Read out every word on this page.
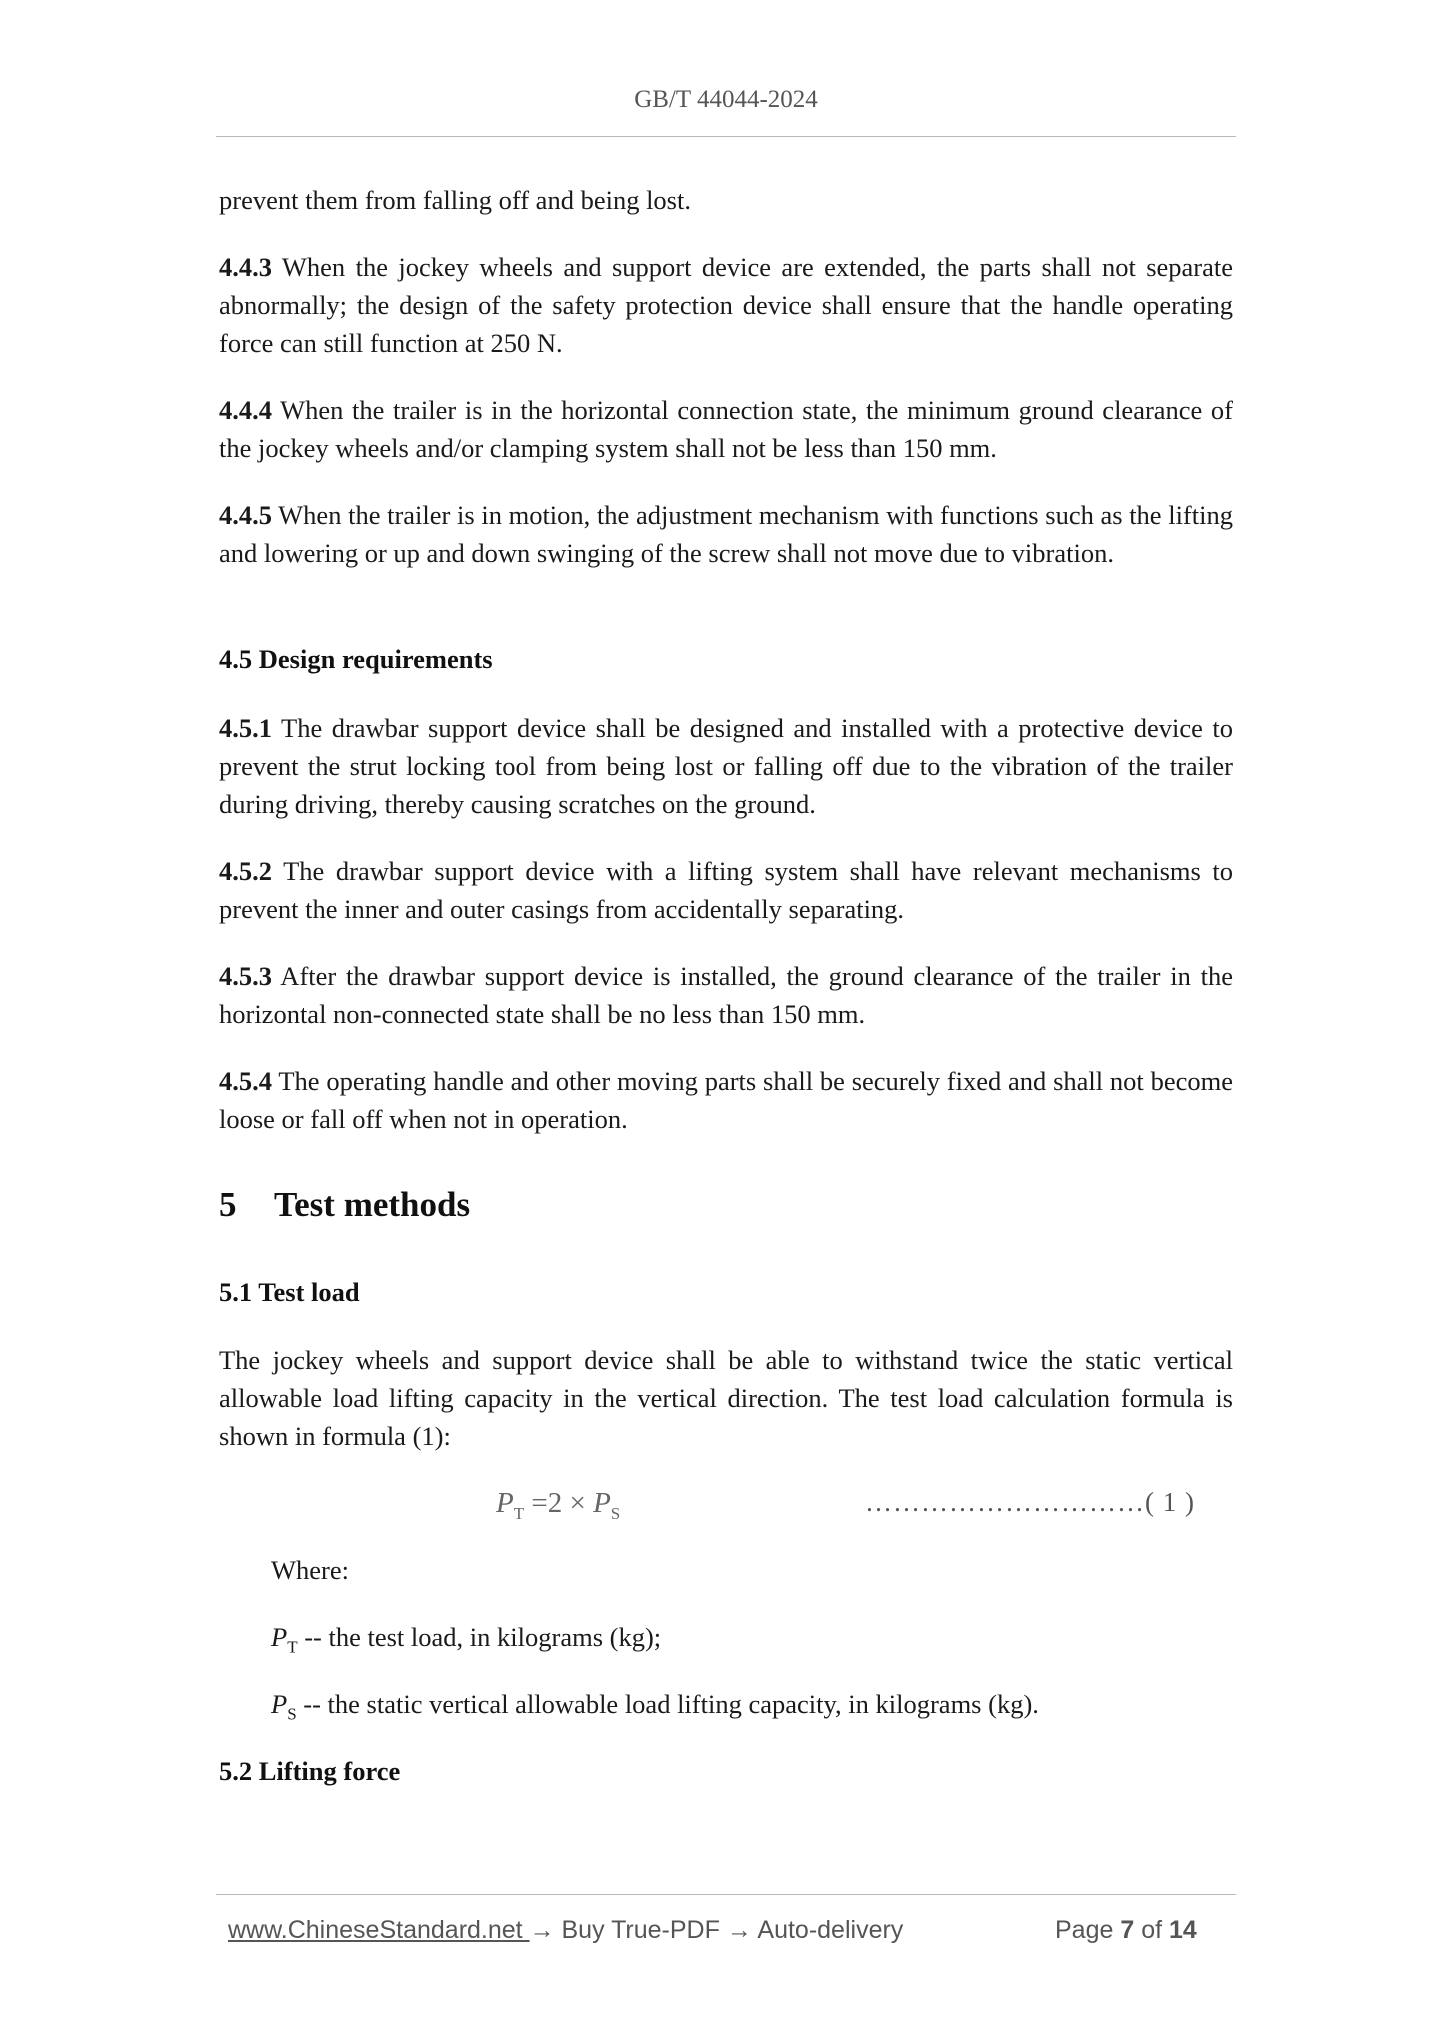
GB/T 44044-2024

prevent them from falling off and being lost.

4.4.3 When the jockey wheels and support device are extended, the parts shall not separate abnormally; the design of the safety protection device shall ensure that the handle operating force can still function at 250 N.

4.4.4 When the trailer is in the horizontal connection state, the minimum ground clearance of the jockey wheels and/or clamping system shall not be less than 150 mm.

4.4.5 When the trailer is in motion, the adjustment mechanism with functions such as the lifting and lowering or up and down swinging of the screw shall not move due to vibration.

4.5 Design requirements

4.5.1 The drawbar support device shall be designed and installed with a protective device to prevent the strut locking tool from being lost or falling off due to the vibration of the trailer during driving, thereby causing scratches on the ground.

4.5.2 The drawbar support device with a lifting system shall have relevant mechanisms to prevent the inner and outer casings from accidentally separating.

4.5.3 After the drawbar support device is installed, the ground clearance of the trailer in the horizontal non-connected state shall be no less than 150 mm.

4.5.4 The operating handle and other moving parts shall be securely fixed and shall not become loose or fall off when not in operation.

5 Test methods

5.1 Test load

The jockey wheels and support device shall be able to withstand twice the static vertical allowable load lifting capacity in the vertical direction. The test load calculation formula is shown in formula (1):

$P_T =2 \times P_S$	…………………………( 1 )
Where:
$P_T$ -- the test load, in kilograms (kg);
$P_S$ -- the static vertical allowable load lifting capacity, in kilograms (kg).

5.2 Lifting force

www.ChineseStandard.net → Buy True-PDF → Auto-delivery	Page 7 of 14
